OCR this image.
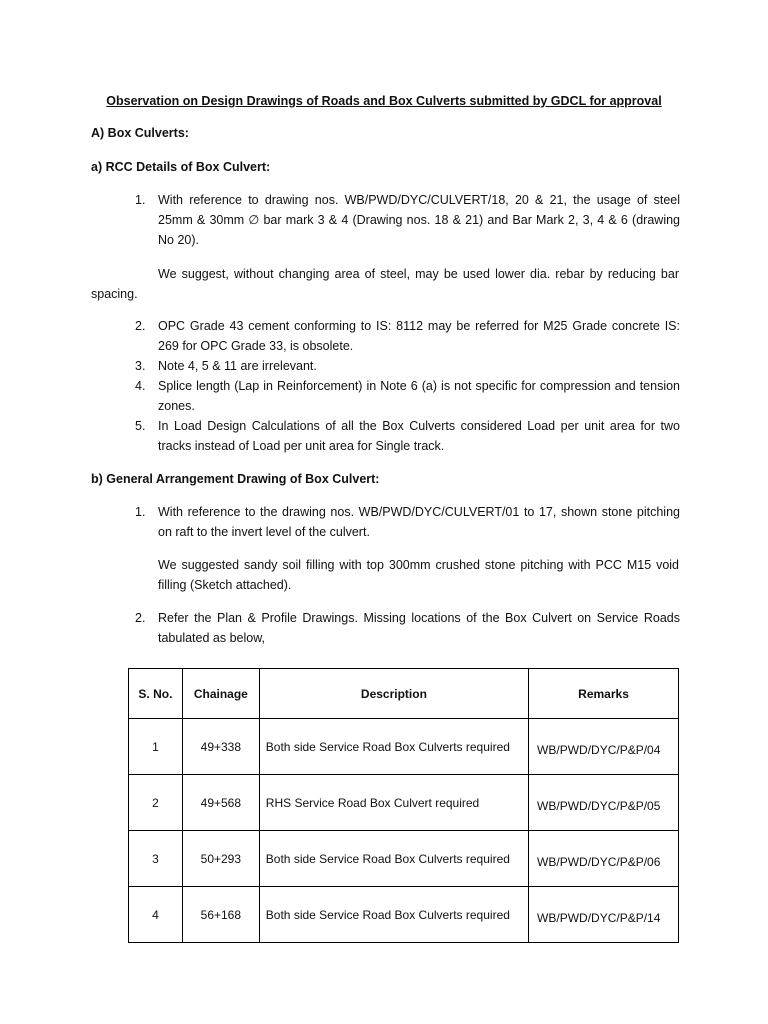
Observation on Design Drawings of Roads and Box Culverts submitted by GDCL for approval
A) Box Culverts:
a) RCC Details of Box Culvert:
1. With reference to drawing nos. WB/PWD/DYC/CULVERT/18, 20 & 21, the usage of steel 25mm & 30mm ∅ bar mark 3 & 4 (Drawing nos. 18 & 21) and Bar Mark 2, 3, 4 & 6 (drawing No 20).
We suggest, without changing area of steel, may be used lower dia. rebar by reducing bar spacing.
2. OPC Grade 43 cement conforming to IS: 8112 may be referred for M25 Grade concrete IS: 269 for OPC Grade 33, is obsolete.
3. Note 4, 5 & 11 are irrelevant.
4. Splice length (Lap in Reinforcement) in Note 6 (a) is not specific for compression and tension zones.
5. In Load Design Calculations of all the Box Culverts considered Load per unit area for two tracks instead of Load per unit area for Single track.
b) General Arrangement Drawing of Box Culvert:
1. With reference to the drawing nos. WB/PWD/DYC/CULVERT/01 to 17, shown stone pitching on raft to the invert level of the culvert.
We suggested sandy soil filling with top 300mm crushed stone pitching with PCC M15 void filling (Sketch attached).
2. Refer the Plan & Profile Drawings. Missing locations of the Box Culvert on Service Roads tabulated as below,
S. No.	Chainage	Description	Remarks
1	49+338	Both side Service Road Box Culverts required	WB/PWD/DYC/P&P/04
2	49+568	RHS Service Road Box Culvert required	WB/PWD/DYC/P&P/05
3	50+293	Both side Service Road Box Culverts required	WB/PWD/DYC/P&P/06
4	56+168	Both side Service Road Box Culverts required	WB/PWD/DYC/P&P/14
